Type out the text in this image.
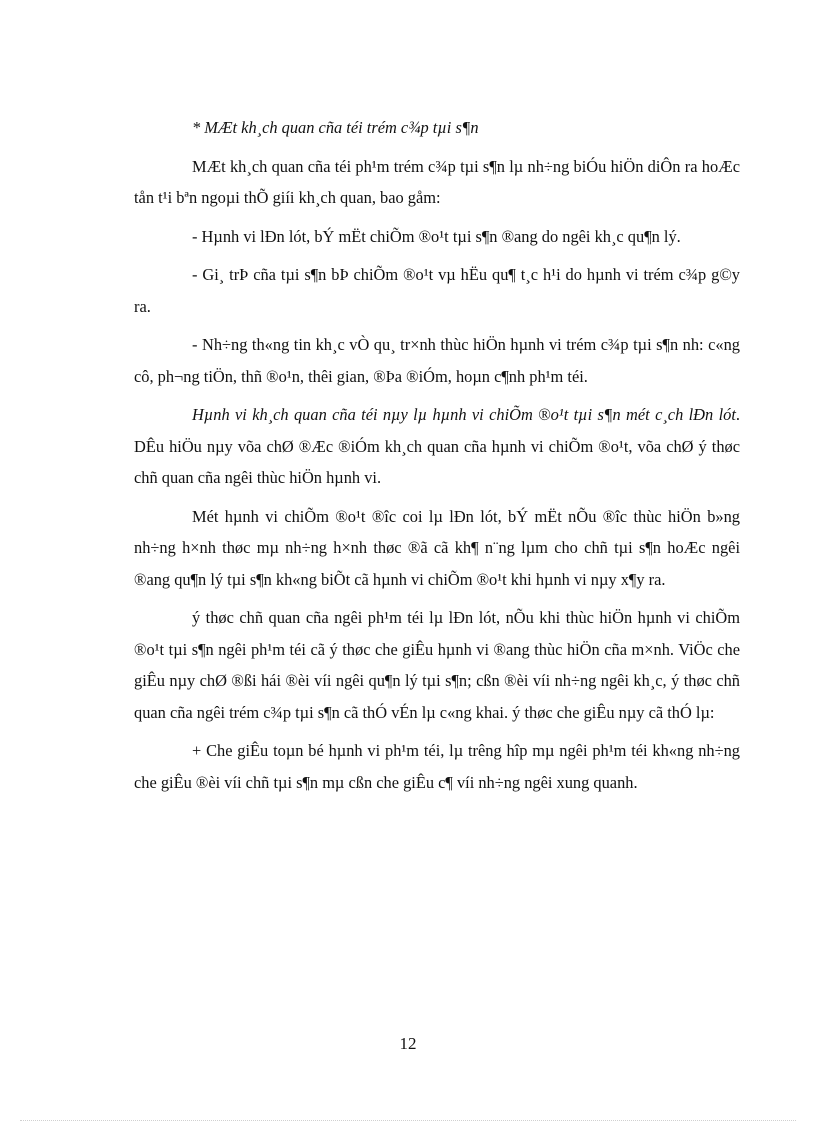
* MÆt kh¸ch quan cña téi trém c¾p tµi s¶n

MÆt kh¸ch quan cña téi ph¹m trém c¾p tµi s¶n lµ nh÷ng biÓu hiÖn diÔn ra hoÆc tån t¹i bªn ngoµi thÕ giíi kh¸ch quan, bao gåm:

- Hµnh vi lÐn lót, bÝ mËt chiÕm ®o¹t tµi s¶n ®ang do ngêi kh¸c qu¶n lý.

- Gi¸ trÞ cña tµi s¶n bÞ chiÕm ®o¹t vµ hËu qu¶ t¸c h¹i do hµnh vi trém c¾p g©y ra.

- Nh÷ng th«ng tin kh¸c vÒ qu¸ tr×nh thùc hiÖn hµnh vi trém c¾p tµi s¶n nh: c«ng cô, ph¬ng tiÖn, thñ ®o¹n, thêi gian, ®Þa ®iÓm, hoµn c¶nh ph¹m téi.

Hµnh vi kh¸ch quan cña téi nµy lµ hµnh vi chiÕm ®o¹t tµi s¶n mét c¸ch lÐn lót. DÊu hiÖu nµy võa chØ ®Æc ®iÓm kh¸ch quan cña hµnh vi chiÕm ®o¹t, võa chØ ý thøc chñ quan cña ngêi thùc hiÖn hµnh vi.

Mét hµnh vi chiÕm ®o¹t ®îc coi lµ lÐn lót, bÝ mËt nÕu ®îc thùc hiÖn b»ng nh÷ng h×nh thøc mµ nh÷ng h×nh thøc ®ã cã kh¶ n¨ng lµm cho chñ tµi s¶n hoÆc ngêi ®ang qu¶n lý tµi s¶n kh«ng biÕt cã hµnh vi chiÕm ®o¹t khi hµnh vi nµy x¶y ra.

ý thøc chñ quan cña ngêi ph¹m téi lµ lÐn lót, nÕu khi thùc hiÖn hµnh vi chiÕm ®o¹t tµi s¶n ngêi ph¹m téi cã ý thøc che giÊu hµnh vi ®ang thùc hiÖn cña m×nh. ViÖc che giÊu nµy chØ ®ßi hái ®èi víi ngêi qu¶n lý tµi s¶n; cßn ®èi víi nh÷ng ngêi kh¸c, ý thøc chñ quan cña ngêi trém c¾p tµi s¶n cã thÓ vÉn lµ c«ng khai. ý thøc che giÊu nµy cã thÓ lµ:

+ Che giÊu toµn bé hµnh vi ph¹m téi, lµ trêng hîp mµ ngêi ph¹m téi kh«ng nh÷ng che giÊu ®èi víi chñ tµi s¶n mµ cßn che giÊu c¶ víi nh÷ng ngêi xung quanh.

12
